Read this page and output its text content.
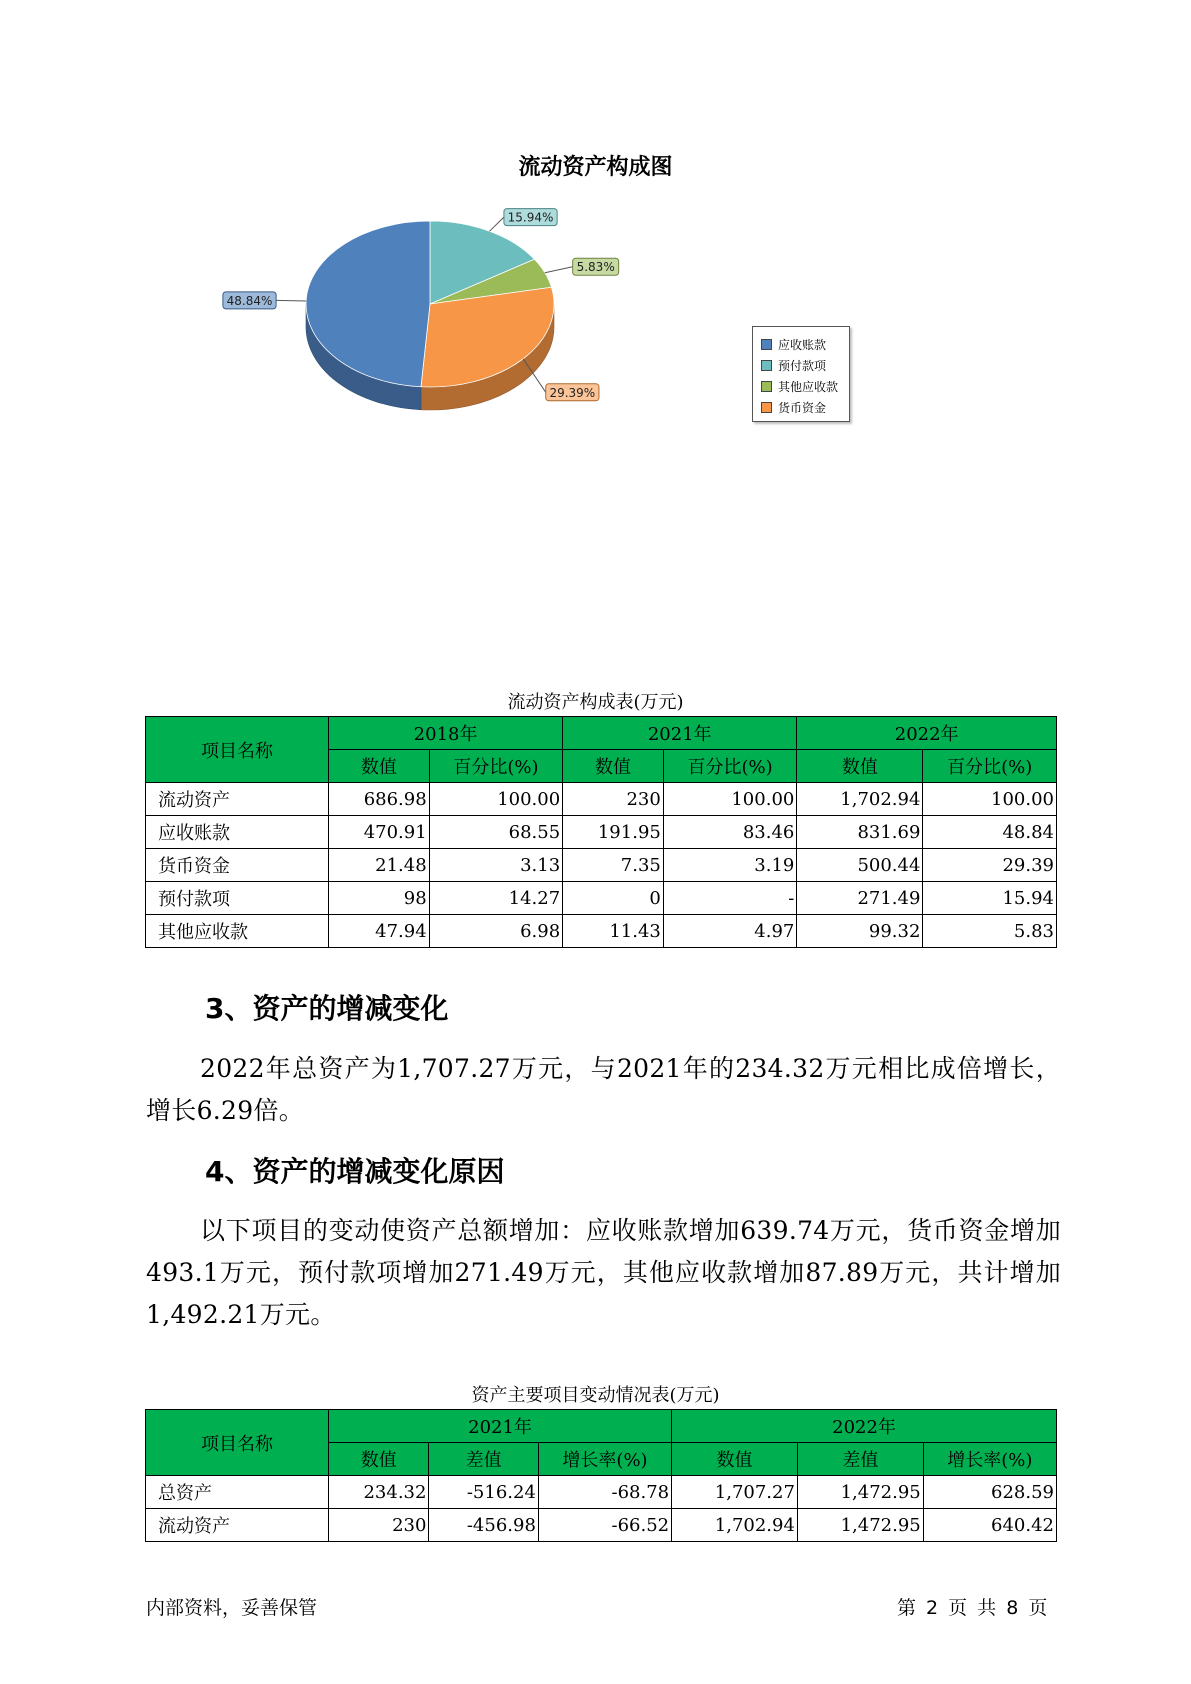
流动资产构成图
15.94%
5.83%
29.39%
48.84%
应收账款
预付款项
其他应收款
货币资金
流动资产构成表(万元)
项目名称	2018年		2021年		2022年	
	数值	百分比(%)	数值	百分比(%)	数值	百分比(%)
流动资产	686.98	100.00	230	100.00	1,702.94	100.00
应收账款	470.91	68.55	191.95	83.46	831.69	48.84
货币资金	21.48	3.13	7.35	3.19	500.44	29.39
预付款项	98	14.27	0	-	271.49	15.94
其他应收款	47.94	6.98	11.43	4.97	99.32	5.83
3、资产的增减变化
2022年总资产为1,707.27万元，与2021年的234.32万元相比成倍增长，增长6.29倍。
4、资产的增减变化原因
以下项目的变动使资产总额增加：应收账款增加639.74万元，货币资金增加493.1万元，预付款项增加271.49万元，其他应收款增加87.89万元，共计增加1,492.21万元。
资产主要项目变动情况表(万元)
项目名称	2021年			2022年		
	数值	差值	增长率(%)	数值	差值	增长率(%)
总资产	234.32	-516.24	-68.78	1,707.27	1,472.95	628.59
流动资产	230	-456.98	-66.52	1,702.94	1,472.95	640.42
内部资料，妥善保管	第 2 页 共 8 页
